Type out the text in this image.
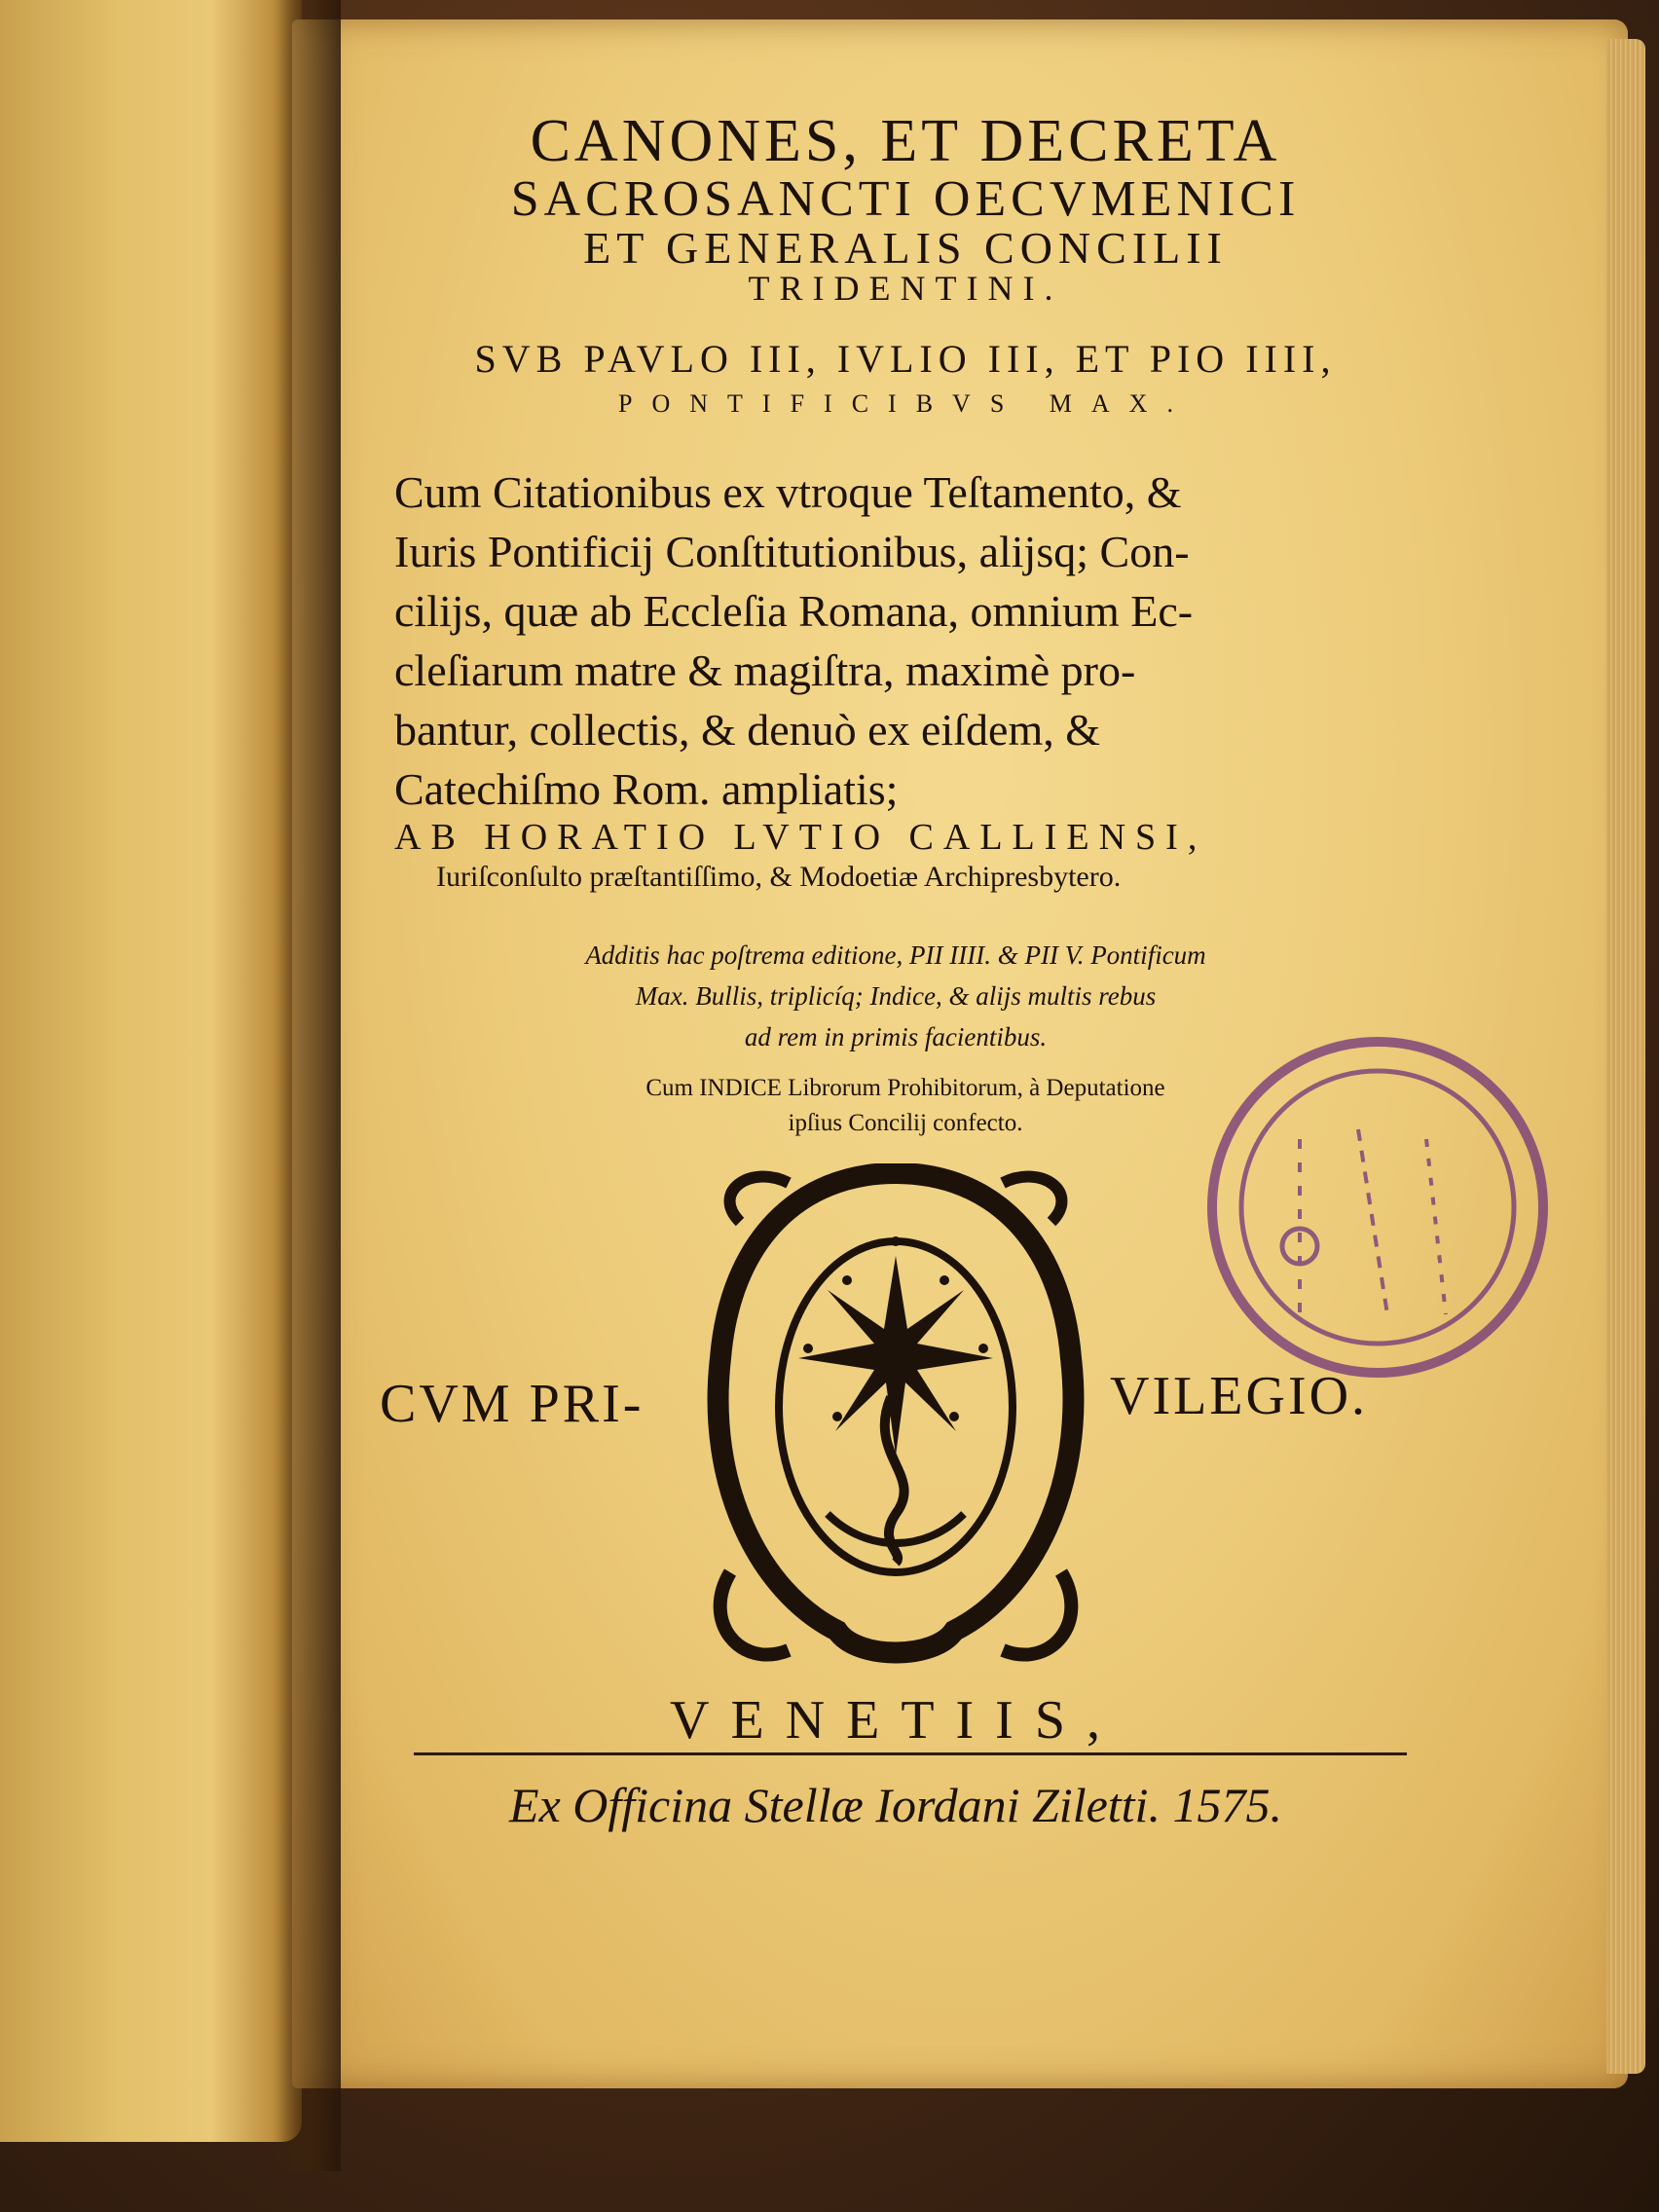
CANONES, ET DECRETA
SACROSANCTI OECVMENICI
ET GENERALIS CONCILII
TRIDENTINI.
SVB PAVLO III, IVLIO III, ET PIO IIII,
PONTIFICIBVS MAX.
Cum Citationibus ex vtroque Teſtamento, &
Iuris Pontificij Conſtitutionibus, alijsq; Con-
cilijs, quæ ab Eccleſia Romana, omnium Ec-
cleſiarum matre & magiſtra, maximè pro-
bantur, collectis, & denuò ex eiſdem, &
Catechiſmo Rom. ampliatis;
AB HORATIO LVTIO CALLIENSI,
Iuriſconſulto præſtantiſſimo, & Modoetiæ Archipresbytero.
Additis hac poſtrema editione, PII IIII. & PII V. Pontificum
Max. Bullis, triplicíq; Indice, & alijs multis rebus
ad rem in primis facientibus.
Cum INDICE Librorum Prohibitorum, à Deputatione
ipſius Concilij confecto.
CVM PRI-	VILEGIO.
VENETIIS,
Ex Officina Stellæ Iordani Ziletti. 1575.
